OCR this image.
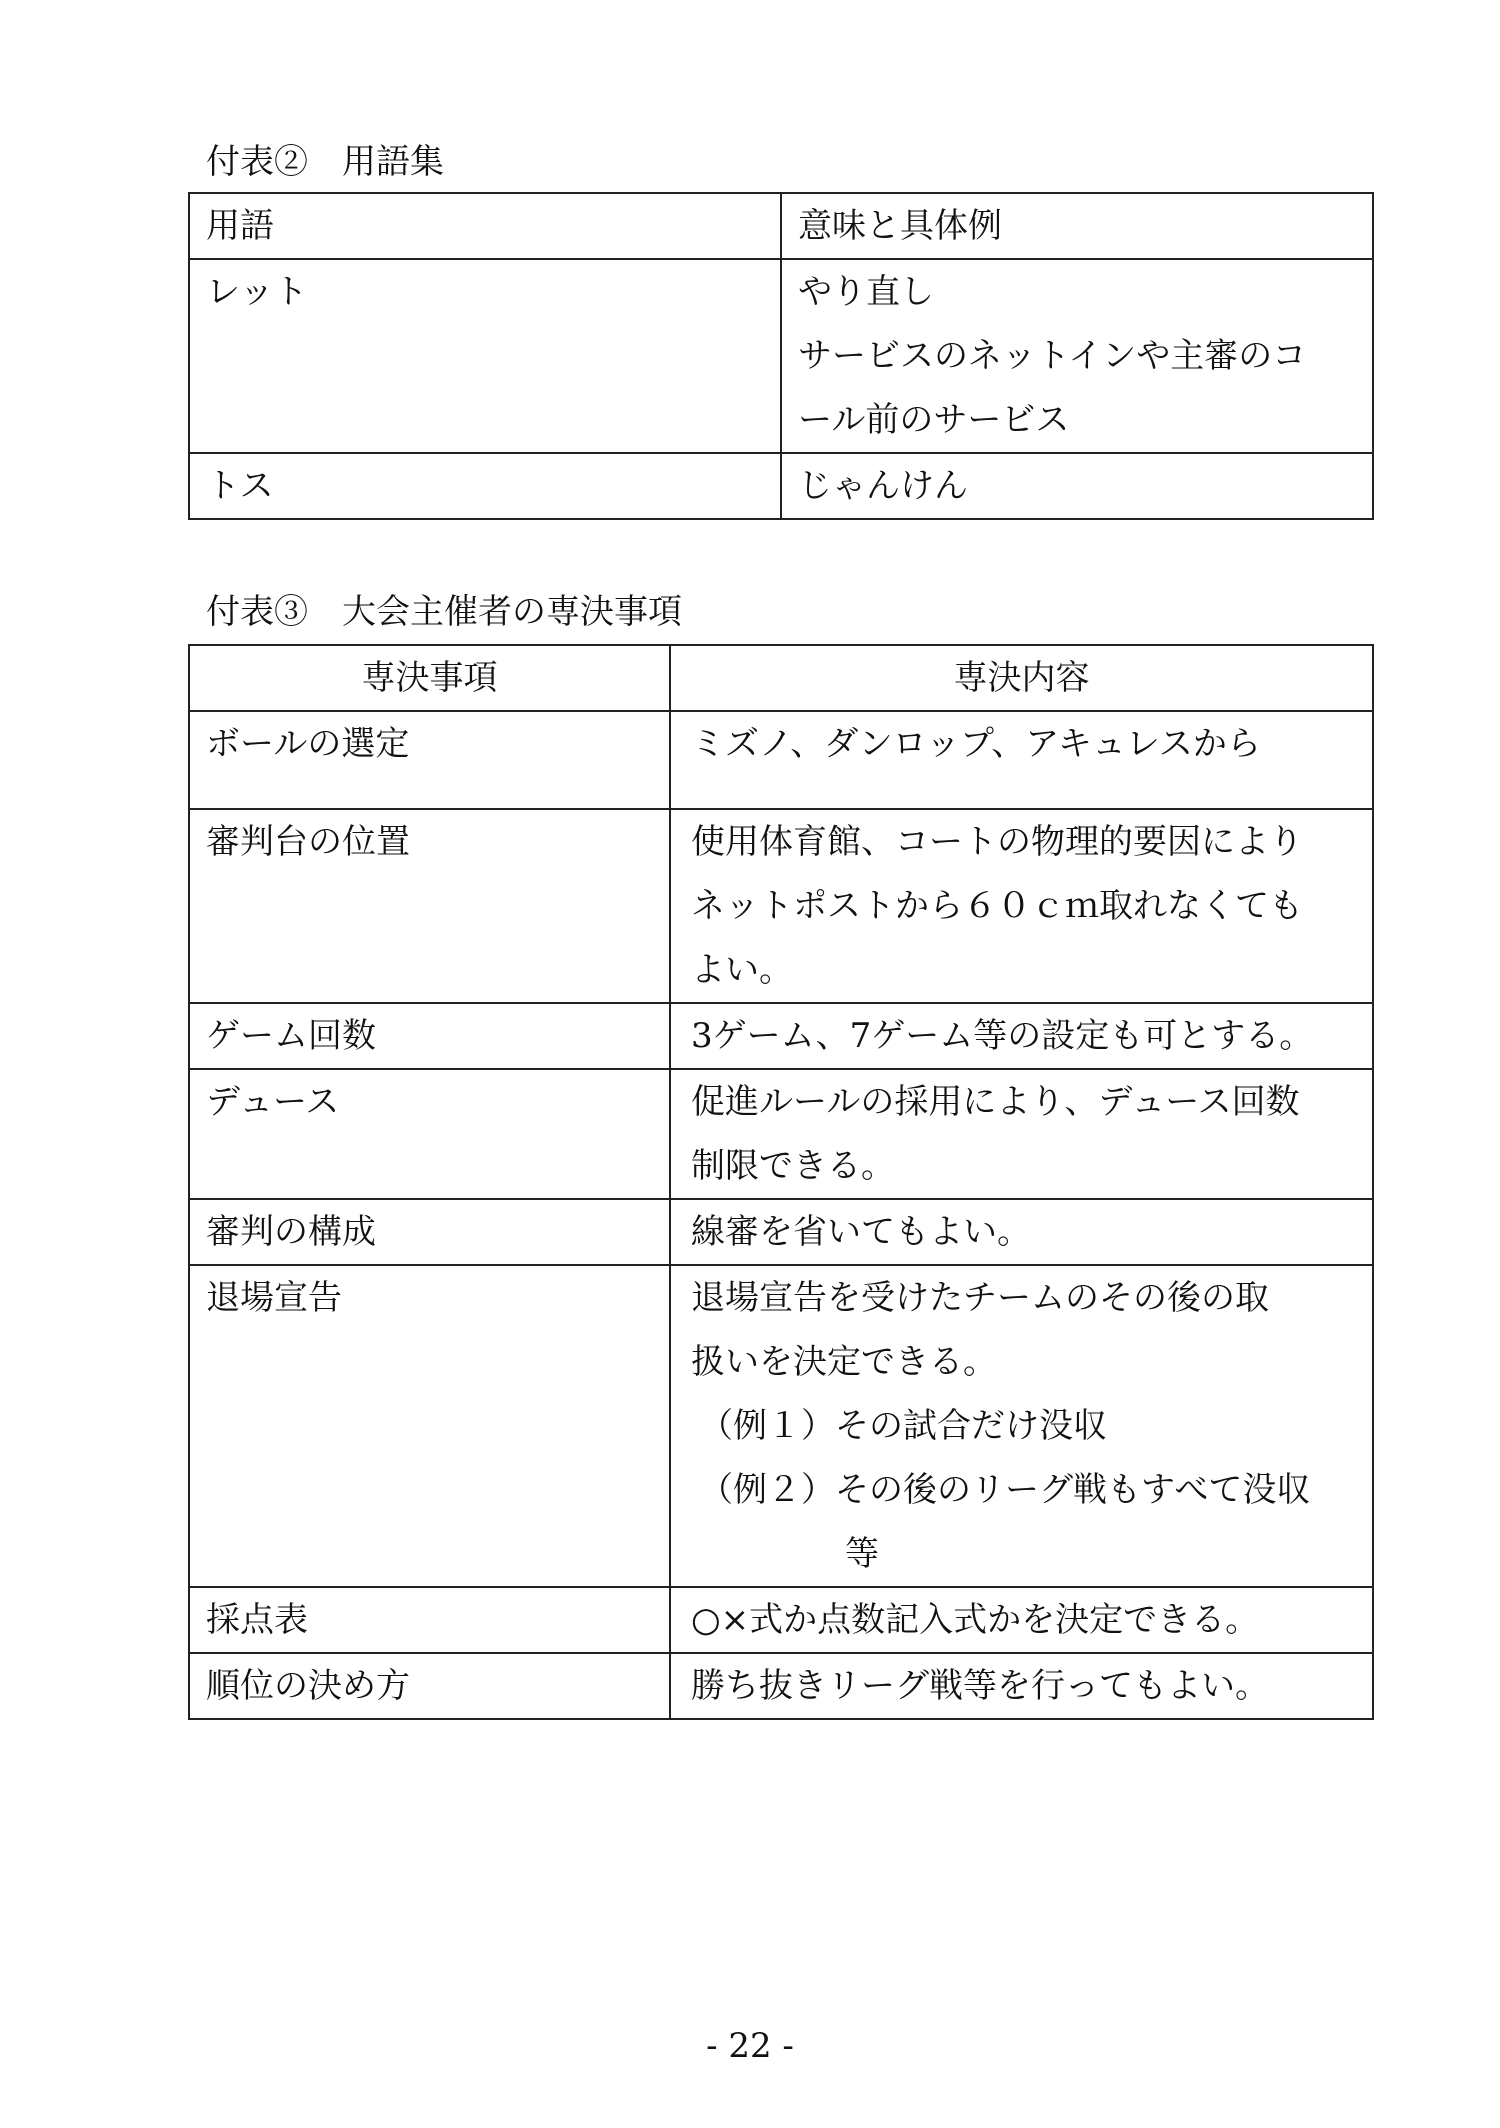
付表②　用語集
用語	意味と具体例
レット	やり直し
サービスのネットインや主審のコ
ール前のサービス

トス	じゃんけん
付表③　大会主催者の専決事項
専決事項	専決内容
ボールの選定	ミズノ、ダンロップ、アキュレスから

審判台の位置	使用体育館、コートの物理的要因により
ネットポストから６０ｃｍ取れなくても
よい。

ゲーム回数	3ゲーム、7ゲーム等の設定も可とする。

デュース	促進ルールの採用により、デュース回数
制限できる。

審判の構成	線審を省いてもよい。

退場宣告	退場宣告を受けたチームのその後の取
扱いを決定できる。
（例１）その試合だけ没収
（例２）その後のリーグ戦もすべて没収
等

採点表	○×式か点数記入式かを決定できる。

順位の決め方	勝ち抜きリーグ戦等を行ってもよい。
- 22 -
